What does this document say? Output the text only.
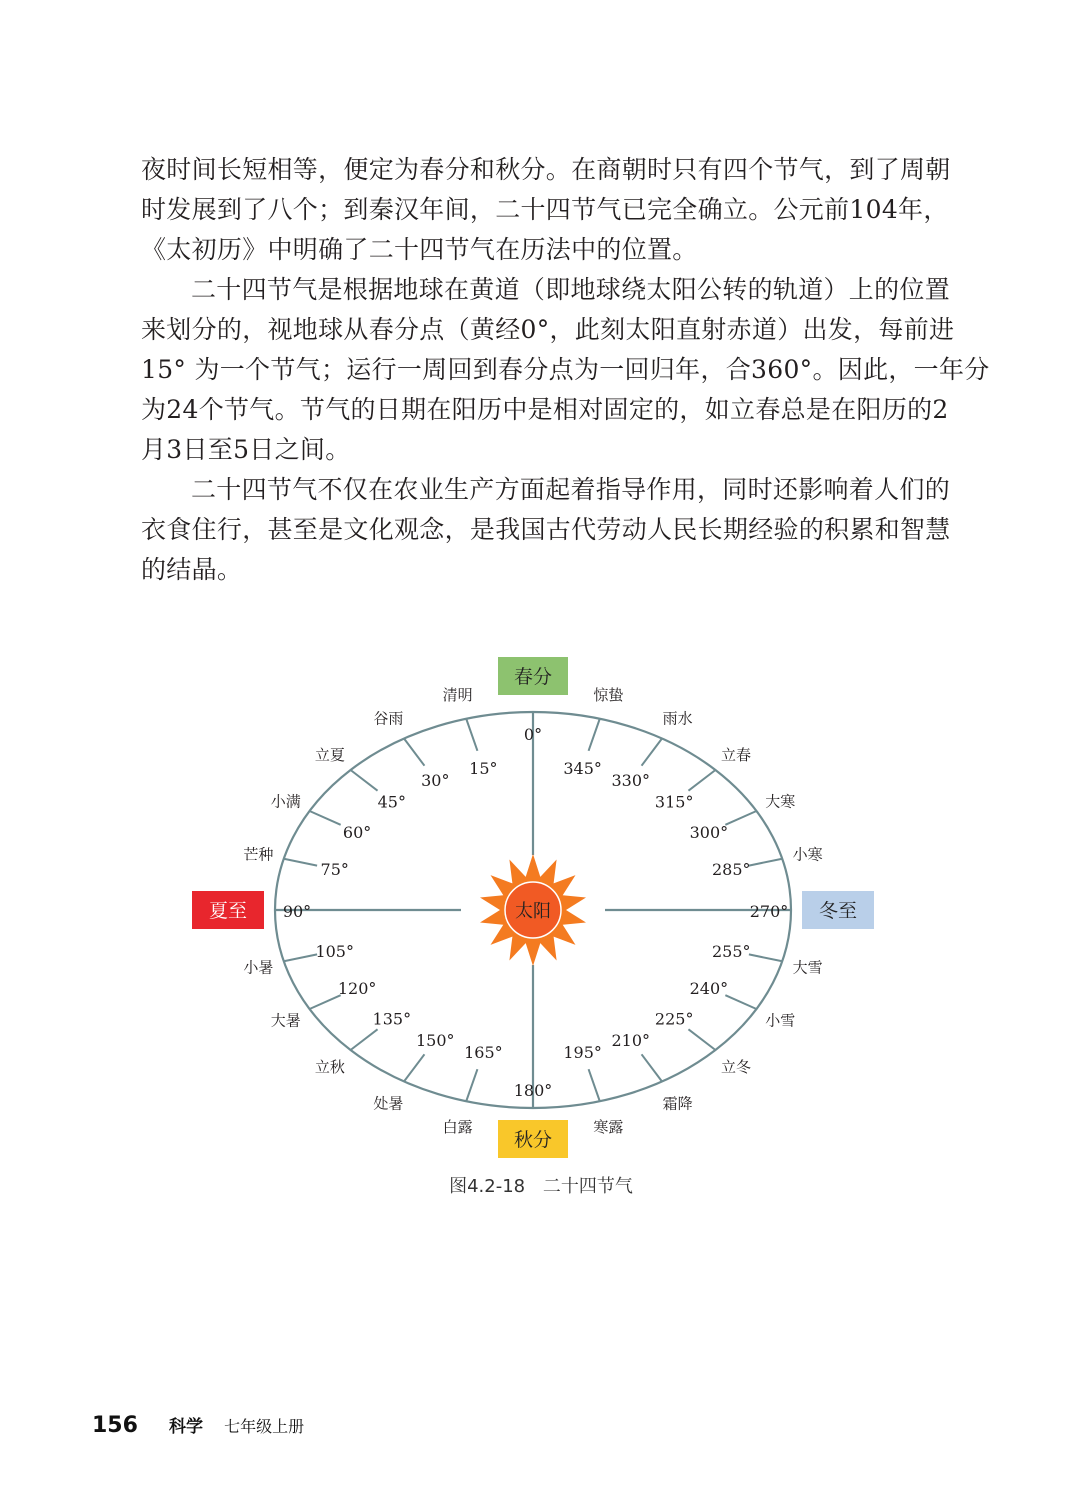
夜时间长短相等，便定为春分和秋分。在商朝时只有四个节气，到了周朝
时发展到了八个；到秦汉年间，二十四节气已完全确立。公元前104年，
《太初历》中明确了二十四节气在历法中的位置。
二十四节气是根据地球在黄道（即地球绕太阳公转的轨道）上的位置
来划分的，视地球从春分点（黄经0°，此刻太阳直射赤道）出发，每前进
15° 为一个节气；运行一周回到春分点为一回归年，合360°。因此，一年分
为24个节气。节气的日期在阳历中是相对固定的，如立春总是在阳历的2
月3日至5日之间。
二十四节气不仅在农业生产方面起着指导作用，同时还影响着人们的
衣食住行，甚至是文化观念，是我国古代劳动人民长期经验的积累和智慧
的结晶。
太阳
春分
夏至
秋分
冬至
0°
15°
清明
30°
谷雨
45°
立夏
60°
小满
75°
芒种
90°
105°
小暑
120°
大暑	135°
立秋
150°
处暑
165°
白露
180°
195°
寒露
210°
霜降
225°
立冬
240°
小雪
255°
大雪
270°
285°
小寒
300°
大寒
315°
立春
330°
雨水
345°
惊蛰
图4.2-18 二十四节气
156 科学 七年级上册
